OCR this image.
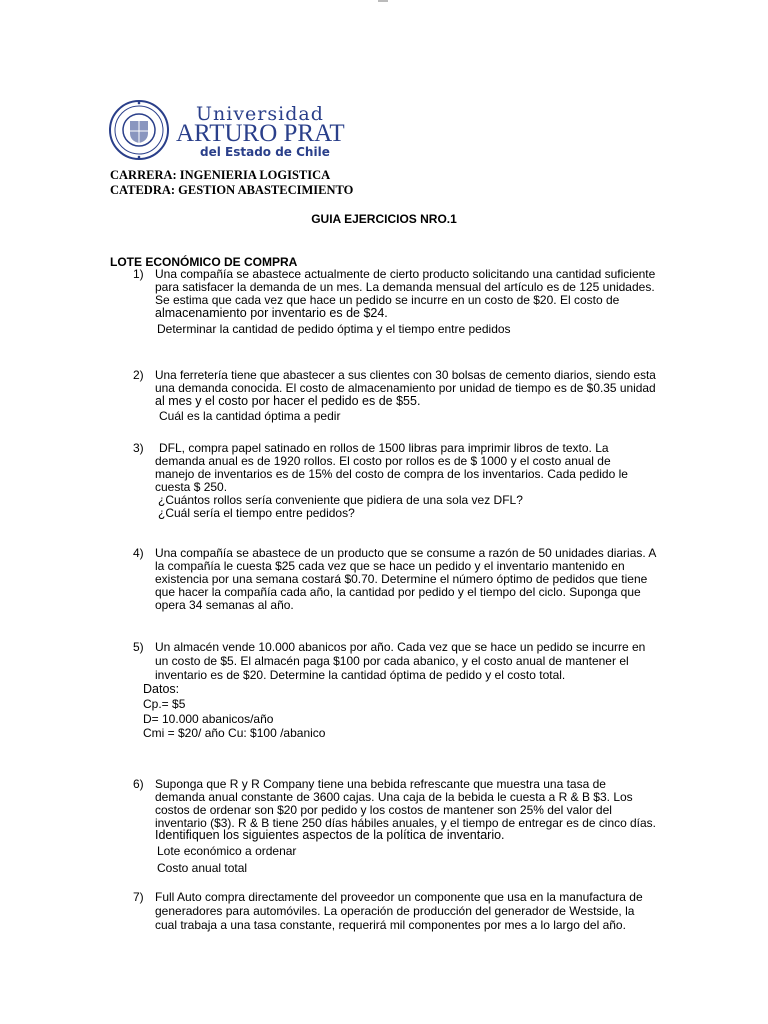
Universidad
ARTURO PRAT
del Estado de Chile
CARRERA: INGENIERIA LOGISTICA
CATEDRA: GESTION ABASTECIMIENTO
GUIA EJERCICIOS NRO.1
LOTE ECONÓMICO DE COMPRA
1) Una compañía se abastece actualmente de cierto producto solicitando una cantidad suficiente
para satisfacer la demanda de un mes. La demanda mensual del artículo es de 125 unidades.
Se estima que cada vez que hace un pedido se incurre en un costo de $20. El costo de
almacenamiento por inventario es de $24.
Determinar la cantidad de pedido óptima y el tiempo entre pedidos
2) Una ferretería tiene que abastecer a sus clientes con 30 bolsas de cemento diarios, siendo esta
una demanda conocida. El costo de almacenamiento por unidad de tiempo es de $0.35 unidad
al mes y el costo por hacer el pedido es de $55.
Cuál es la cantidad óptima a pedir
3) DFL, compra papel satinado en rollos de 1500 libras para imprimir libros de texto. La
demanda anual es de 1920 rollos. El costo por rollos es de $ 1000 y el costo anual de
manejo de inventarios es de 15% del costo de compra de los inventarios. Cada pedido le
cuesta $ 250.
¿Cuántos rollos sería conveniente que pidiera de una sola vez DFL?
¿Cuál sería el tiempo entre pedidos?
4) Una compañía se abastece de un producto que se consume a razón de 50 unidades diarias. A
la compañía le cuesta $25 cada vez que se hace un pedido y el inventario mantenido en
existencia por una semana costará $0.70. Determine el número óptimo de pedidos que tiene
que hacer la compañía cada año, la cantidad por pedido y el tiempo del ciclo. Suponga que
opera 34 semanas al año.
5) Un almacén vende 10.000 abanicos por año. Cada vez que se hace un pedido se incurre en
un costo de $5. El almacén paga $100 por cada abanico, y el costo anual de mantener el
inventario es de $20. Determine la cantidad óptima de pedido y el costo total.
Datos:
Cp.= $5
D= 10.000 abanicos/año
Cmi = $20/ año Cu: $100 /abanico
6) Suponga que R y R Company tiene una bebida refrescante que muestra una tasa de
demanda anual constante de 3600 cajas. Una caja de la bebida le cuesta a R & B $3. Los
costos de ordenar son $20 por pedido y los costos de mantener son 25% del valor del
inventario ($3). R & B tiene 250 días hábiles anuales, y el tiempo de entregar es de cinco días.
Identifiquen los siguientes aspectos de la política de inventario.
Lote económico a ordenar
Costo anual total
7) Full Auto compra directamente del proveedor un componente que usa en la manufactura de
generadores para automóviles. La operación de producción del generador de Westside, la
cual trabaja a una tasa constante, requerirá mil componentes por mes a lo largo del año.
